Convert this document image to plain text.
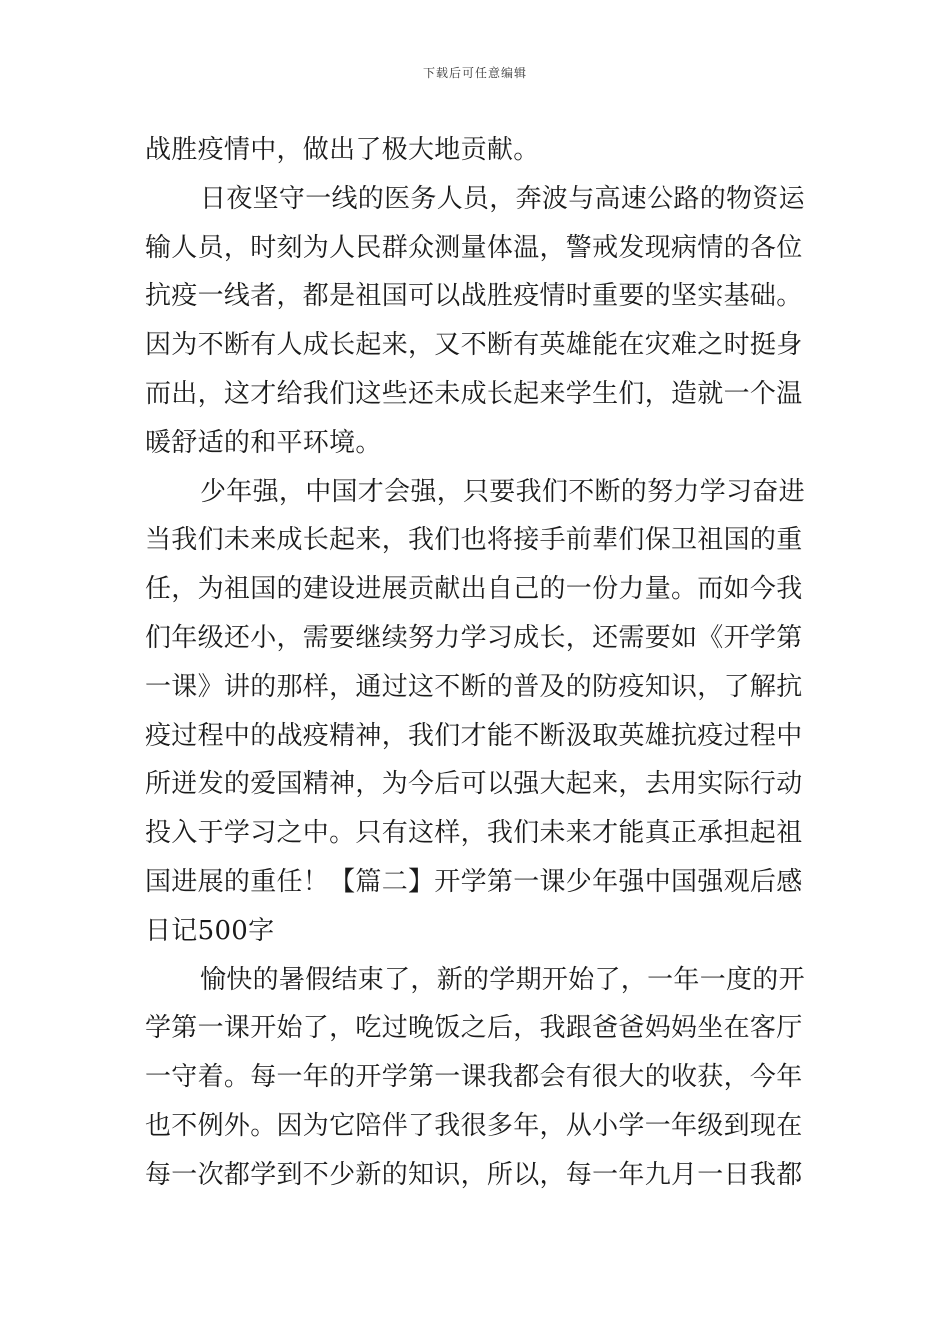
下载后可任意编辑
战胜疫情中，做出了极大地贡献。
日夜坚守一线的医务人员，奔波与高速公路的物资运
输人员，时刻为人民群众测量体温，警戒发现病情的各位
抗疫一线者，都是祖国可以战胜疫情时重要的坚实基础。
因为不断有人成长起来，又不断有英雄能在灾难之时挺身
而出，这才给我们这些还未成长起来学生们，造就一个温
暖舒适的和平环境。
少年强，中国才会强，只要我们不断的努力学习奋进
当我们未来成长起来，我们也将接手前辈们保卫祖国的重
任，为祖国的建设进展贡献出自己的一份力量。而如今我
们年级还小，需要继续努力学习成长，还需要如《开学第
一课》讲的那样，通过这不断的普及的防疫知识，了解抗
疫过程中的战疫精神，我们才能不断汲取英雄抗疫过程中
所迸发的爱国精神，为今后可以强大起来，去用实际行动
投入于学习之中。只有这样，我们未来才能真正承担起祖
国进展的重任！【篇二】开学第一课少年强中国强观后感
日记500字
愉快的暑假结束了，新的学期开始了，一年一度的开
学第一课开始了，吃过晚饭之后，我跟爸爸妈妈坐在客厅
一守着。每一年的开学第一课我都会有很大的收获，今年
也不例外。因为它陪伴了我很多年，从小学一年级到现在
每一次都学到不少新的知识，所以，每一年九月一日我都
